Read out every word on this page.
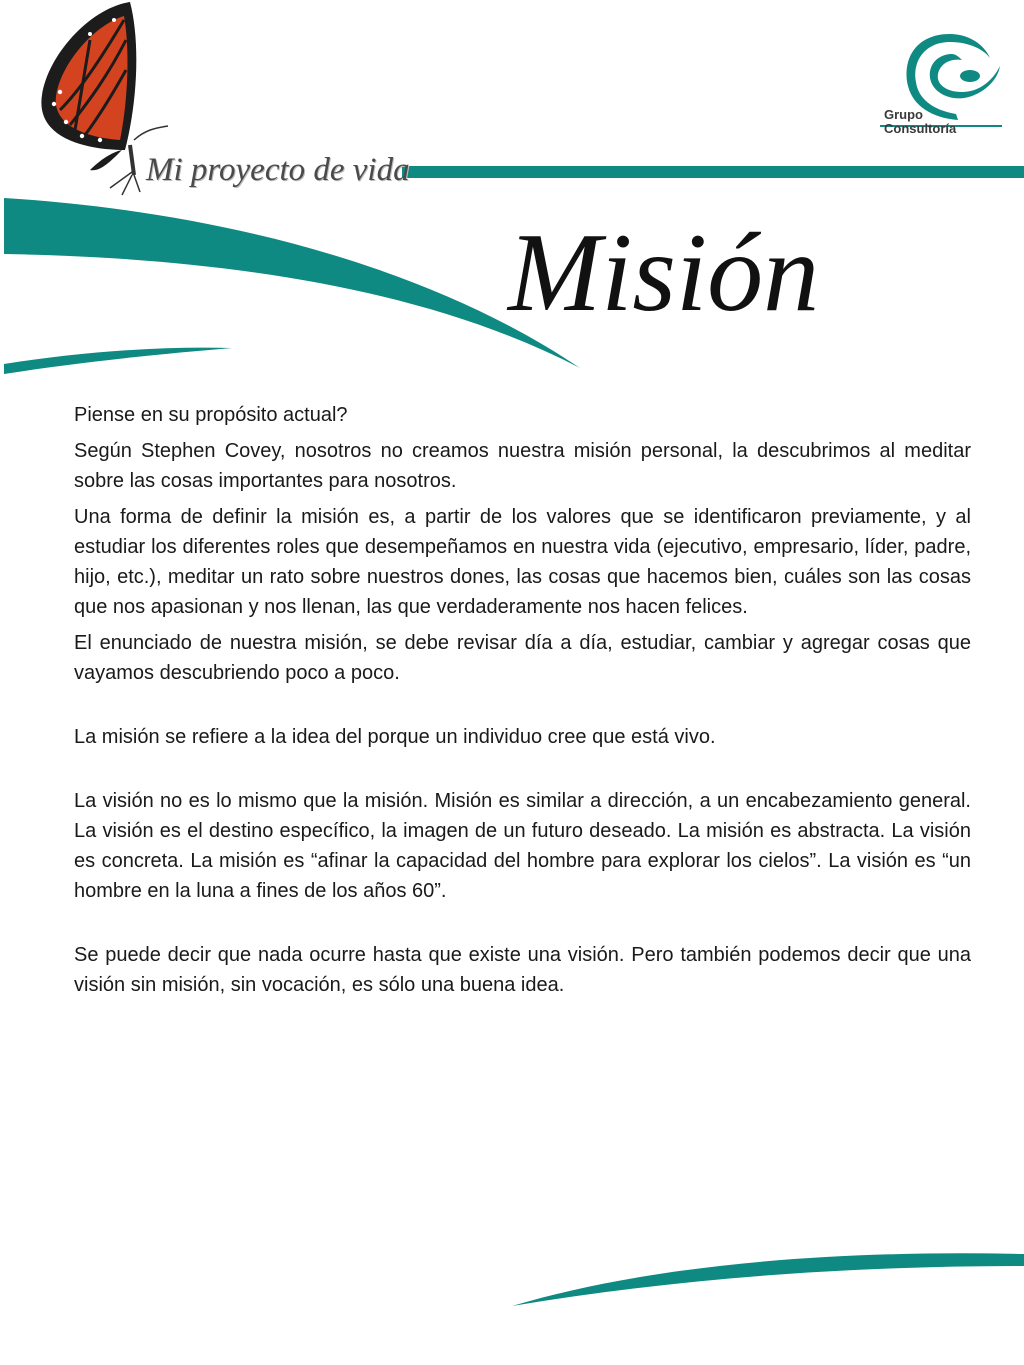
Grupo
Consultoría
Mi proyecto de vida
Misión

Piense en su propósito actual?

Según Stephen Covey, nosotros no creamos nuestra misión personal, la descubrimos al meditar sobre las cosas importantes para nosotros.

Una forma de definir la misión es, a partir de los valores que se identificaron previamente, y al estudiar los diferentes roles que desempeñamos en nuestra vida (ejecutivo, empresario, líder, padre, hijo, etc.), meditar un rato sobre nuestros dones, las cosas que hacemos bien, cuáles son las cosas que nos apasionan y nos llenan, las que verdaderamente nos hacen felices.

El enunciado de nuestra misión, se debe revisar día a día, estudiar, cambiar y agregar cosas que vayamos descubriendo poco a poco.

La misión se refiere a la idea del porque un individuo cree que está vivo.

La visión no es lo mismo que la misión. Misión es similar a dirección, a un encabezamiento general. La visión es el destino específico, la imagen de un futuro deseado. La misión es abstracta. La visión es concreta. La misión es “afinar la capacidad del hombre para explorar los cielos”. La visión es “un hombre en la luna a fines de los años 60”.

Se puede decir que nada ocurre hasta que existe una visión. Pero también podemos decir que una visión sin misión, sin vocación, es sólo una buena idea.
